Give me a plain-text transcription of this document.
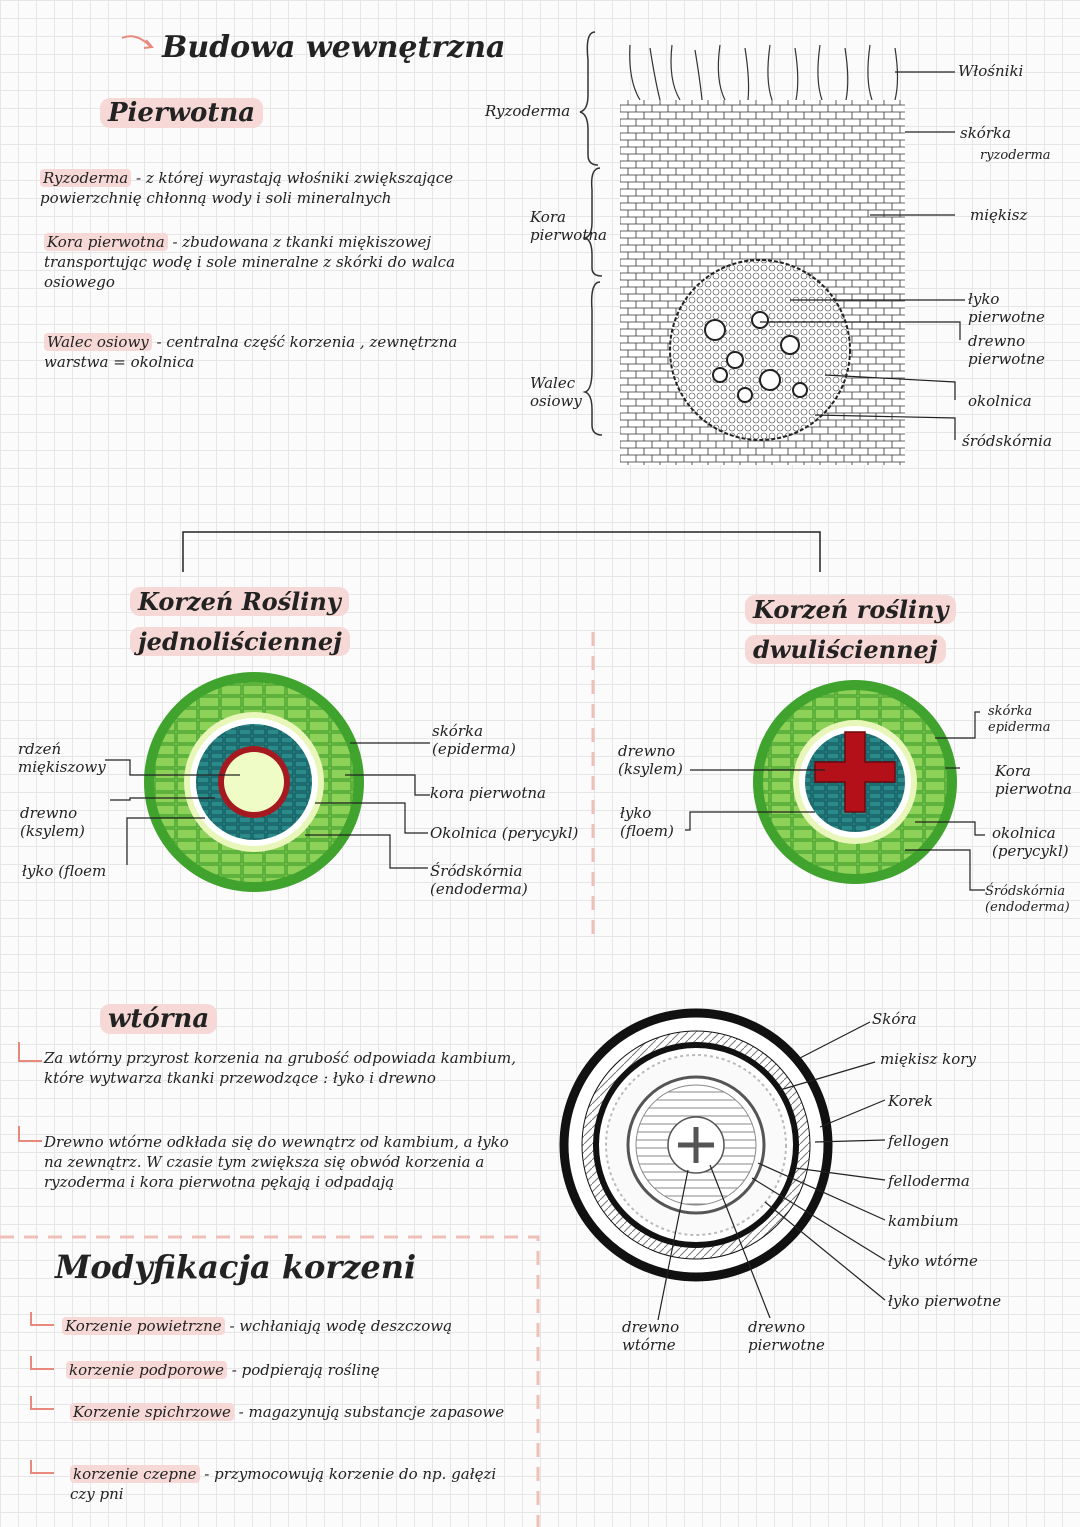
Budowa wewnętrzna
Pierwotna
Ryzoderma - z której wyrastają włośniki zwiększające powierzchnię chłonną wody i soli mineralnych
Kora pierwotna - zbudowana z tkanki miękiszowej transportując wodę i sole mineralne z skórki do walca osiowego
Walec osiowy - centralna część korzenia , zewnętrzna warstwa = okolnica
Ryzoderma
Kora pierwotna
Walec osiowy
Włośniki
skórka
ryzoderma
miękisz
łyko pierwotne
drewno pierwotne
okolnica
śródskórnia
Korzeń Rośliny
jednoliściennej
rdzeń miękiszowy
drewno (ksylem)
łyko (floem
skórka (epiderma)
kora pierwotna
Okolnica (perycykl)
Śródskórnia (endoderma)
Korzeń rośliny
dwuliściennej
drewno (ksylem)
łyko (floem)
skórka epiderma
Kora pierwotna
okolnica (perycykl)
Śródskórnia (endoderma)
wtórna
Za wtórny przyrost korzenia na grubość odpowiada kambium, które wytwarza tkanki przewodzące : łyko i drewno
Drewno wtórne odkłada się do wewnątrz od kambium, a łyko na zewnątrz. W czasie tym zwiększa się obwód korzenia a ryzoderma i kora pierwotna pękają i odpadają
Skóra
miękisz kory
Korek
fellogen
felloderma
kambium
łyko wtórne
łyko pierwotne
drewno wtórne
drewno pierwotne
Modyfikacja korzeni
Korzenie powietrzne - wchłaniają wodę deszczową
korzenie podporowe - podpierają roślinę
Korzenie spichrzowe - magazynują substancje zapasowe
korzenie czepne - przymocowują korzenie do np. gałęzi czy pni
